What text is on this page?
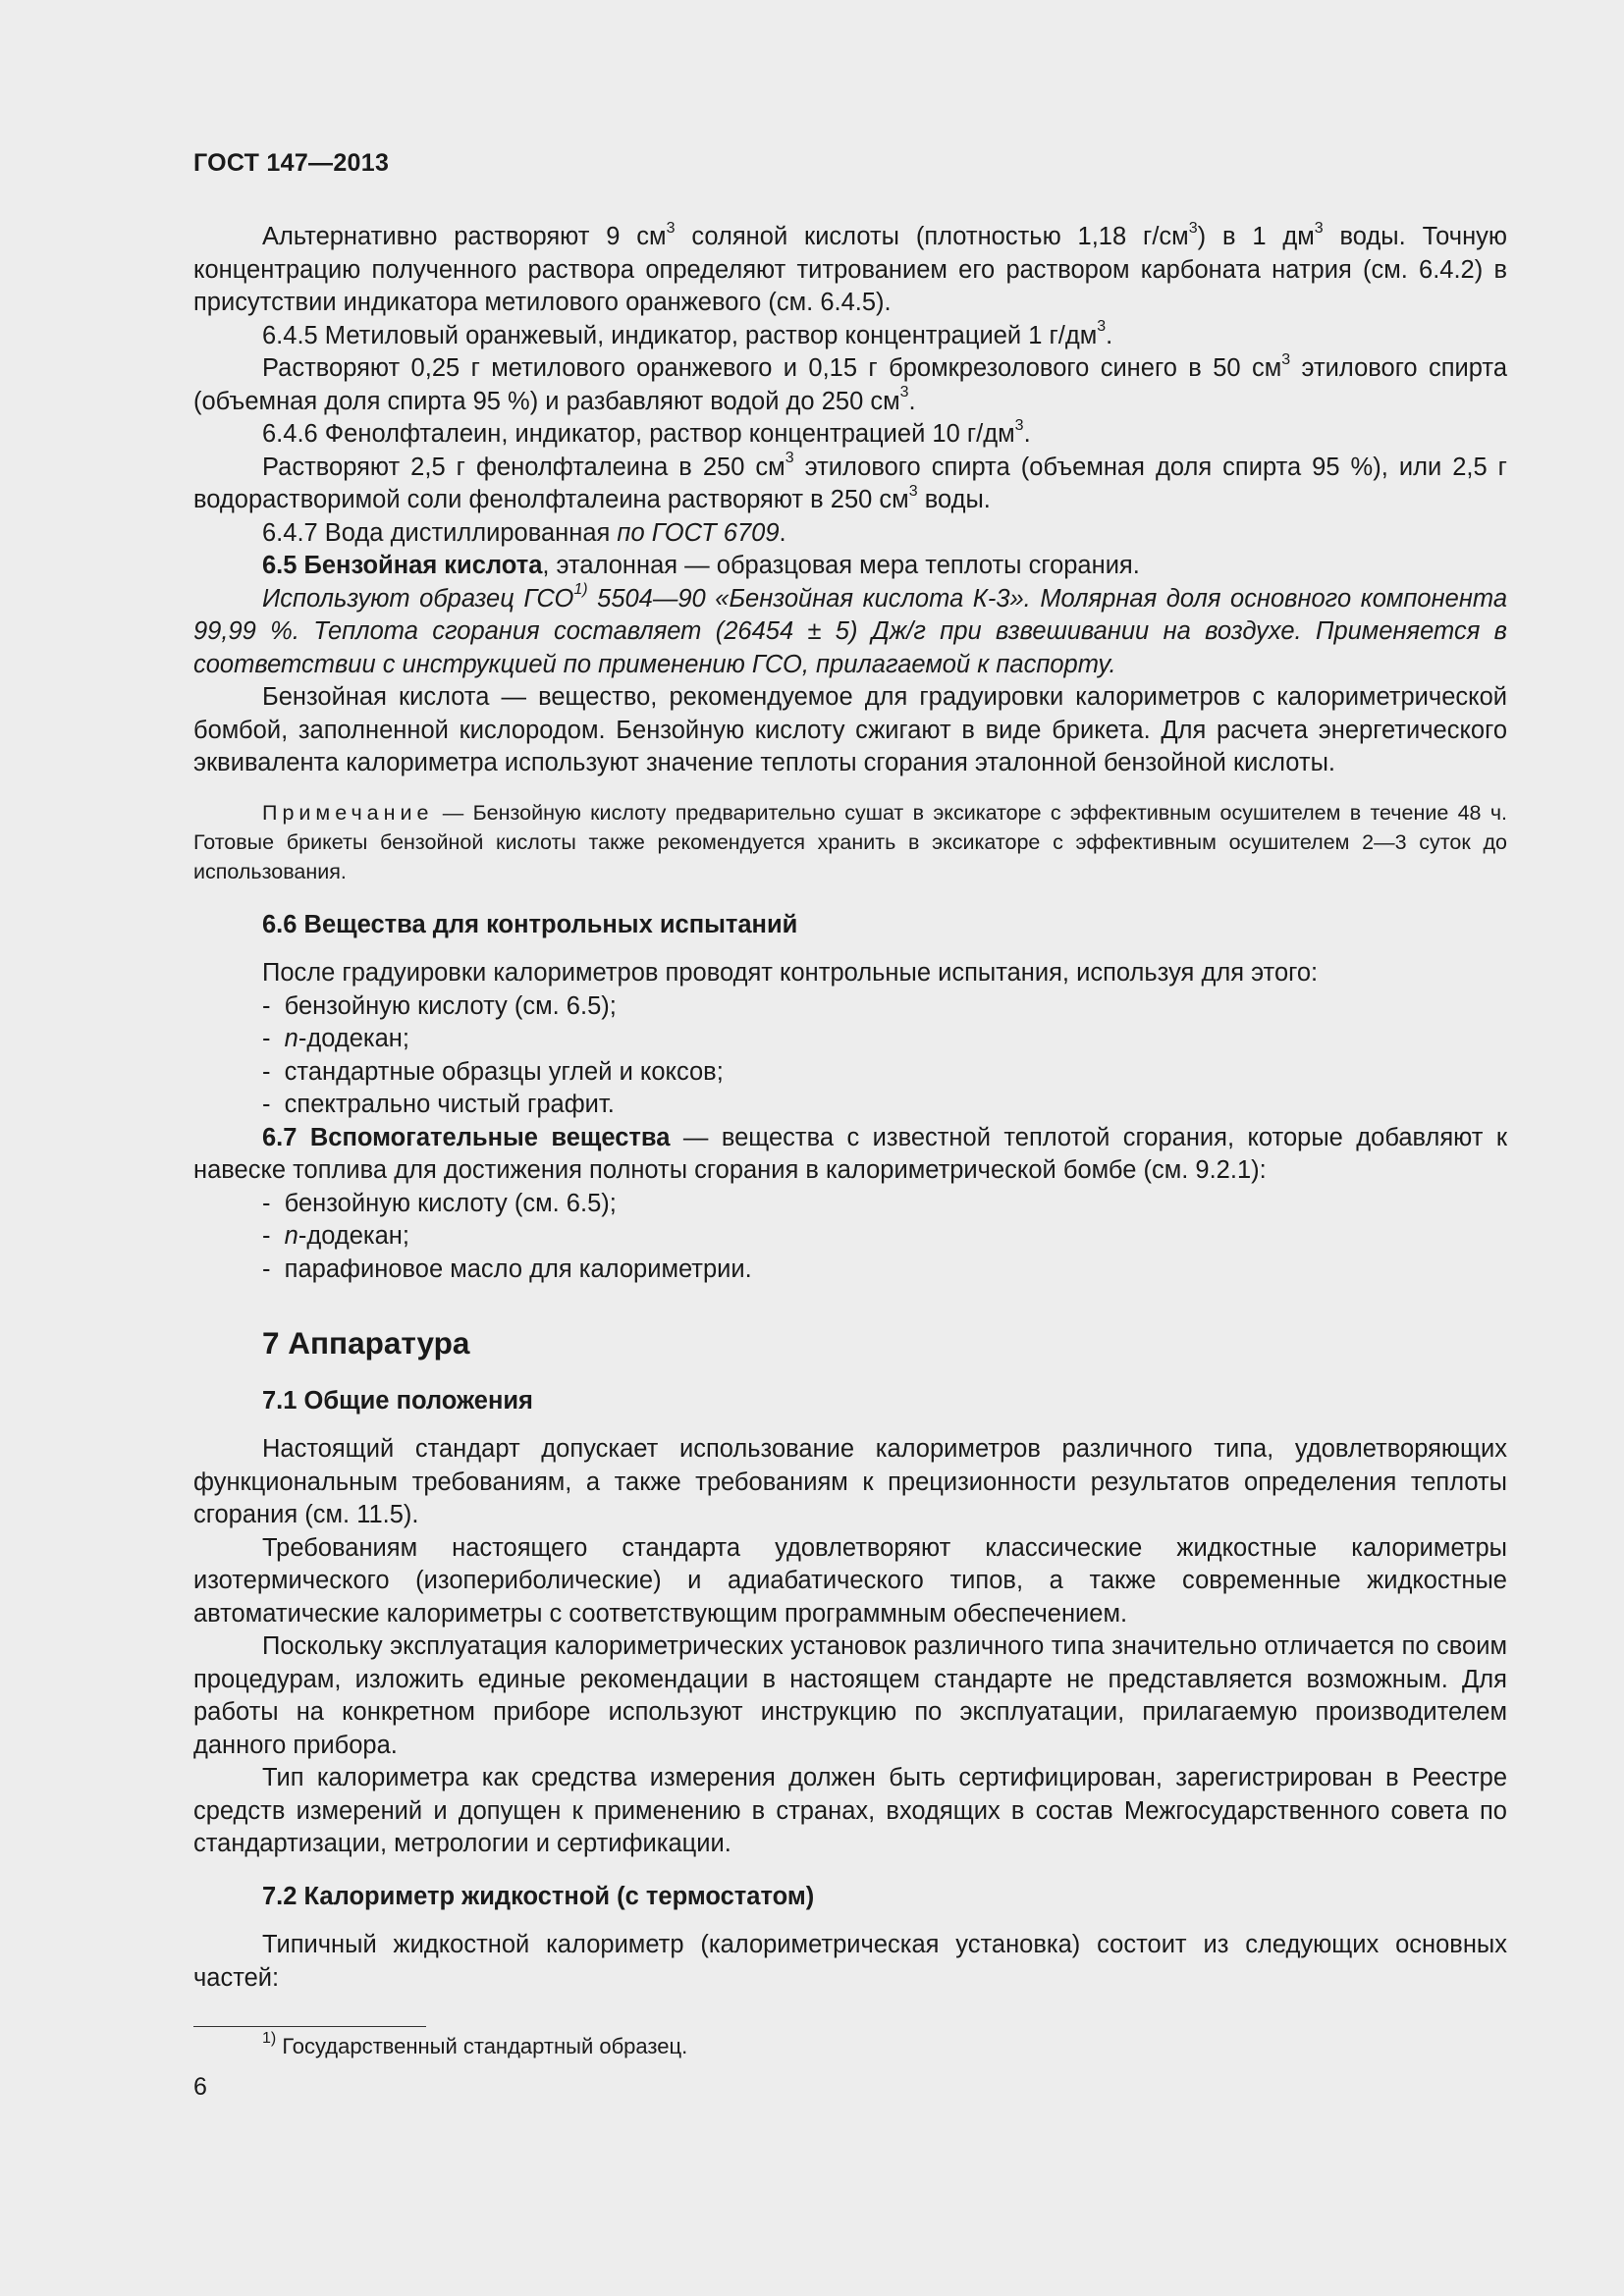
ГОСТ 147—2013

Альтернативно растворяют 9 $см^3$ соляной кислоты (плотностью 1,18 $г/см^3$) в 1 $дм^3$ воды. Точную концентрацию полученного раствора определяют титрованием его раствором карбоната натрия (см. 6.4.2) в присутствии индикатора метилового оранжевого (см. 6.4.5).

6.4.5 Метиловый оранжевый, индикатор, раствор концентрацией 1 $г/дм^3$.

Растворяют 0,25 г метилового оранжевого и 0,15 г бромкрезолового синего в 50 $см^3$ этилового спирта (объемная доля спирта 95 %) и разбавляют водой до 250 $см^3$.

6.4.6 Фенолфталеин, индикатор, раствор концентрацией 10 $г/дм^3$.

Растворяют 2,5 г фенолфталеина в 250 $см^3$ этилового спирта (объемная доля спирта 95 %), или 2,5 г водорастворимой соли фенолфталеина растворяют в 250 $см^3$ воды.

6.4.7 Вода дистиллированная по ГОСТ 6709.

6.5 Бензойная кислота, эталонная — образцовая мера теплоты сгорания.

Используют образец ГСО$^{1)}$ 5504—90 «Бензойная кислота К-3». Молярная доля основного компонента 99,99 %. Теплота сгорания составляет (26454 ± 5) Дж/г при взвешивании на воздухе. Применяется в соответствии с инструкцией по применению ГСО, прилагаемой к паспорту.

Бензойная кислота — вещество, рекомендуемое для градуировки калориметров с калориметрической бомбой, заполненной кислородом. Бензойную кислоту сжигают в виде брикета. Для расчета энергетического эквивалента калориметра используют значение теплоты сгорания эталонной бензойной кислоты.

Примечание — Бензойную кислоту предварительно сушат в эксикаторе с эффективным осушителем в течение 48 ч. Готовые брикеты бензойной кислоты также рекомендуется хранить в эксикаторе с эффективным осушителем 2—3 суток до использования.

6.6 Вещества для контрольных испытаний

После градуировки калориметров проводят контрольные испытания, используя для этого:

-  бензойную кислоту (см. 6.5);
-  n-додекан;
-  стандартные образцы углей и коксов;
-  спектрально чистый графит.

6.7 Вспомогательные вещества — вещества с известной теплотой сгорания, которые добавляют к навеске топлива для достижения полноты сгорания в калориметрической бомбе (см. 9.2.1):

-  бензойную кислоту (см. 6.5);
-  n-додекан;
-  парафиновое масло для калориметрии.
7 Аппаратура
7.1 Общие положения

Настоящий стандарт допускает использование калориметров различного типа, удовлетворяющих функциональным требованиям, а также требованиям к прецизионности результатов определения теплоты сгорания (см. 11.5).

Требованиям настоящего стандарта удовлетворяют классические жидкостные калориметры изотермического (изопериболические) и адиабатического типов, а также современные жидкостные автоматические калориметры с соответствующим программным обеспечением.

Поскольку эксплуатация калориметрических установок различного типа значительно отличается по своим процедурам, изложить единые рекомендации в настоящем стандарте не представляется возможным. Для работы на конкретном приборе используют инструкцию по эксплуатации, прилагаемую производителем данного прибора.

Тип калориметра как средства измерения должен быть сертифицирован, зарегистрирован в Реестре средств измерений и допущен к применению в странах, входящих в состав Межгосударственного совета по стандартизации, метрологии и сертификации.

7.2 Калориметр жидкостной (с термостатом)

Типичный жидкостной калориметр (калориметрическая установка) состоит из следующих основных частей:

$^{1)}$ Государственный стандартный образец.
6
